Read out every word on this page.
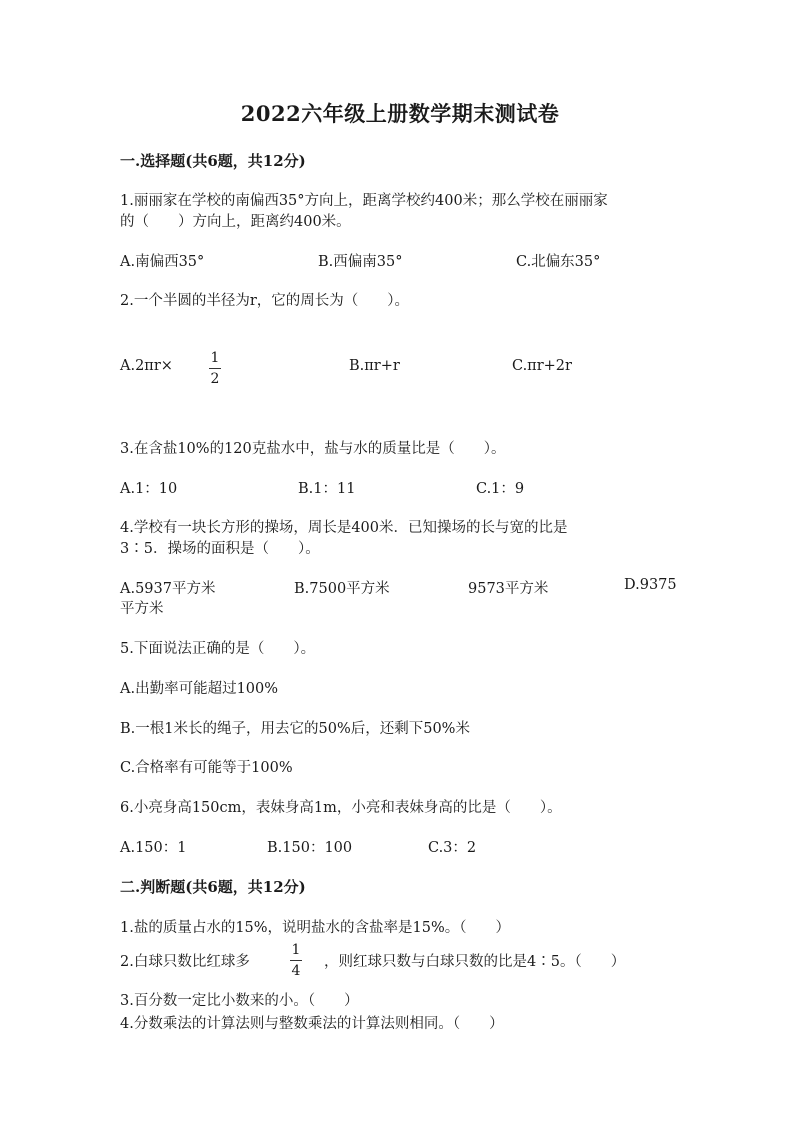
2022六年级上册数学期末测试卷
一.选择题(共6题，共12分)
1.丽丽家在学校的南偏西35°方向上，距离学校约400米；那么学校在丽丽家
的（　　）方向上，距离约400米。
A.南偏西35°	B.西偏南35°	C.北偏东35°
2.一个半圆的半径为r，它的周长为（　　）。
A.2πr×	1
2
B.πr+r	C.πr+2r
3.在含盐10%的120克盐水中，盐与水的质量比是（　　）。
A.1：10	B.1：11	C.1：9
4.学校有一块长方形的操场，周长是400米．已知操场的长与宽的比是
3∶5．操场的面积是（　　）。
A.5937平方米	B.7500平方米	9573平方米	D.9375
平方米
5.下面说法正确的是（　　）。
A.出勤率可能超过100%
B.一根1米长的绳子，用去它的50%后，还剩下50%米
C.合格率有可能等于100%
6.小亮身高150cm，表妹身高1m，小亮和表妹身高的比是（　　）。
A.150：1	B.150：100	C.3：2
二.判断题(共6题，共12分)
1.盐的质量占水的15%，说明盐水的含盐率是15%。（　　）
2.白球只数比红球多
1
4
，则红球只数与白球只数的比是4∶5。（　　）
3.百分数一定比小数来的小。（　　）
4.分数乘法的计算法则与整数乘法的计算法则相同。（　　）
